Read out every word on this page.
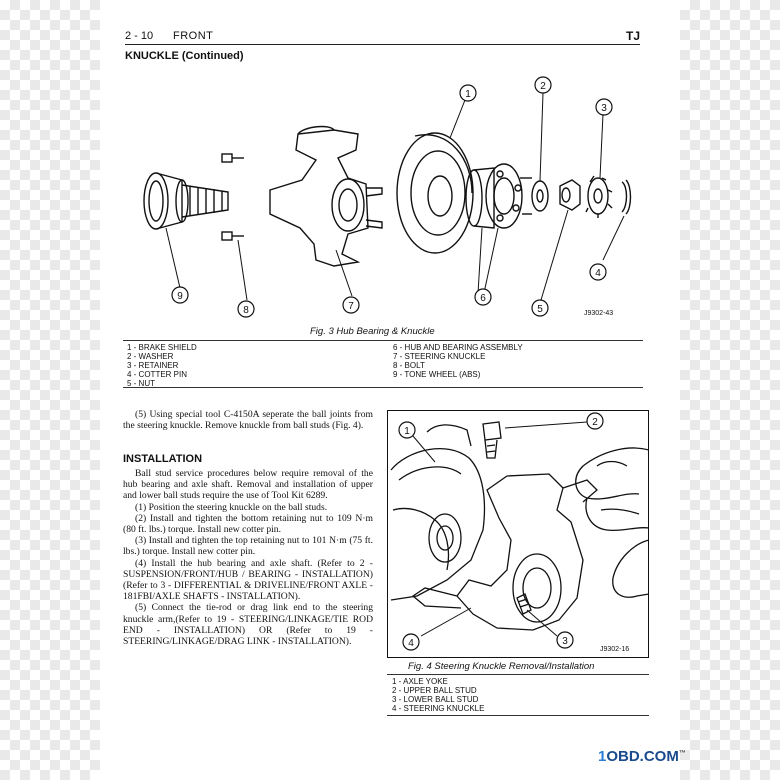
2 - 10 FRONT	TJ
KNUCKLE (Continued)
1
2
3
4
6
7
8
9
5	J9302-43
Fig. 3 Hub Bearing & Knuckle
1 - BRAKE SHIELD
2 - WASHER
3 - RETAINER
4 - COTTER PIN
5 - NUT
6 - HUB AND BEARING ASSEMBLY
7 - STEERING KNUCKLE
8 - BOLT
9 - TONE WHEEL (ABS)

(5) Using special tool C-4150A seperate the ball joints from the steering knuckle. Remove knuckle from ball studs (Fig. 4).

INSTALLATION

Ball stud service procedures below require removal of the hub bearing and axle shaft. Removal and installation of upper and lower ball studs require the use of Tool Kit 6289.

(1) Position the steering knuckle on the ball studs.

(2) Install and tighten the bottom retaining nut to 109 N·m (80 ft. lbs.) torque. Install new cotter pin.

(3) Install and tighten the top retaining nut to 101 N·m (75 ft. lbs.) torque. Install new cotter pin.

(4) Install the hub bearing and axle shaft. (Refer to 2 - SUSPENSION/FRONT/HUB / BEARING - INSTALLATION) (Refer to 3 - DIFFERENTIAL & DRIVELINE/FRONT AXLE - 181FBI/AXLE SHAFTS - INSTALLATION).

(5) Connect the tie-rod or drag link end to the steering knuckle arm,(Refer to 19 - STEERING/LINKAGE/TIE ROD END - INSTALLATION) OR (Refer to 19 - STEERING/LINKAGE/DRAG LINK - INSTALLATION).

1
2
4	3
J9302-16
Fig. 4 Steering Knuckle Removal/Installation
1 - AXLE YOKE
2 - UPPER BALL STUD
3 - LOWER BALL STUD
4 - STEERING KNUCKLE
1OBD.COM™
